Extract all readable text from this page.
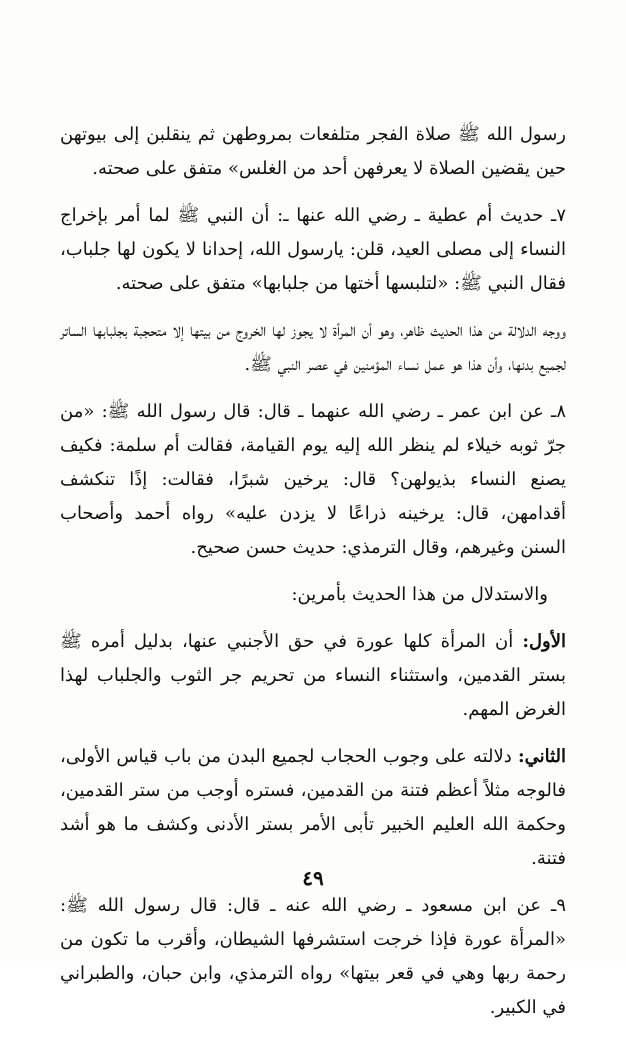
رسول الله ﷺ صلاة الفجر متلفعات بمروطهن ثم ينقلبن إلى بيوتهن حين يقضين الصلاة لا يعرفهن أحد من الغلس» متفق على صحته.

٧ـ حديث أم عطية ـ رضي الله عنها ـ: أن النبي ﷺ لما أمر بإخراج النساء إلى مصلى العيد، قلن: يارسول الله، إحدانا لا يكون لها جلباب، فقال النبي ﷺ: «لتلبسها أختها من جلبابها» متفق على صحته.

ووجه الدلالة من هذا الحديث ظاهر، وهو أن المرأة لا يجوز لها الخروج من بيتها إلا متحجبة بجلبابها الساتر لجميع بدنها، وأن هذا هو عمل نساء المؤمنين في عصر النبي ﷺ.

٨ـ عن ابن عمر ـ رضي الله عنهما ـ قال: قال رسول الله ﷺ: «من جرّ ثوبه خيلاء لم ينظر الله إليه يوم القيامة، فقالت أم سلمة: فكيف يصنع النساء بذيولهن؟ قال: يرخين شبرًا، فقالت: إذًا تنكشف أقدامهن، قال: يرخينه ذراعًا لا يزدن عليه» رواه أحمد وأصحاب السنن وغيرهم، وقال الترمذي: حديث حسن صحيح.

والاستدلال من هذا الحديث بأمرين:

الأول: أن المرأة كلها عورة في حق الأجنبي عنها، بدليل أمره ﷺ بستر القدمين، واستثناء النساء من تحريم جر الثوب والجلباب لهذا الغرض المهم.

الثاني: دلالته على وجوب الحجاب لجميع البدن من باب قياس الأولى، فالوجه مثلاً أعظم فتنة من القدمين، فستره أوجب من ستر القدمين، وحكمة الله العليم الخبير تأبى الأمر بستر الأدنى وكشف ما هو أشد فتنة.

٩ـ عن ابن مسعود ـ رضي الله عنه ـ قال: قال رسول الله ﷺ: «المرأة عورة فإذا خرجت استشرفها الشيطان، وأقرب ما تكون من رحمة ربها وهي في قعر بيتها» رواه الترمذي، وابن حبان، والطبراني في الكبير.

٤٩
